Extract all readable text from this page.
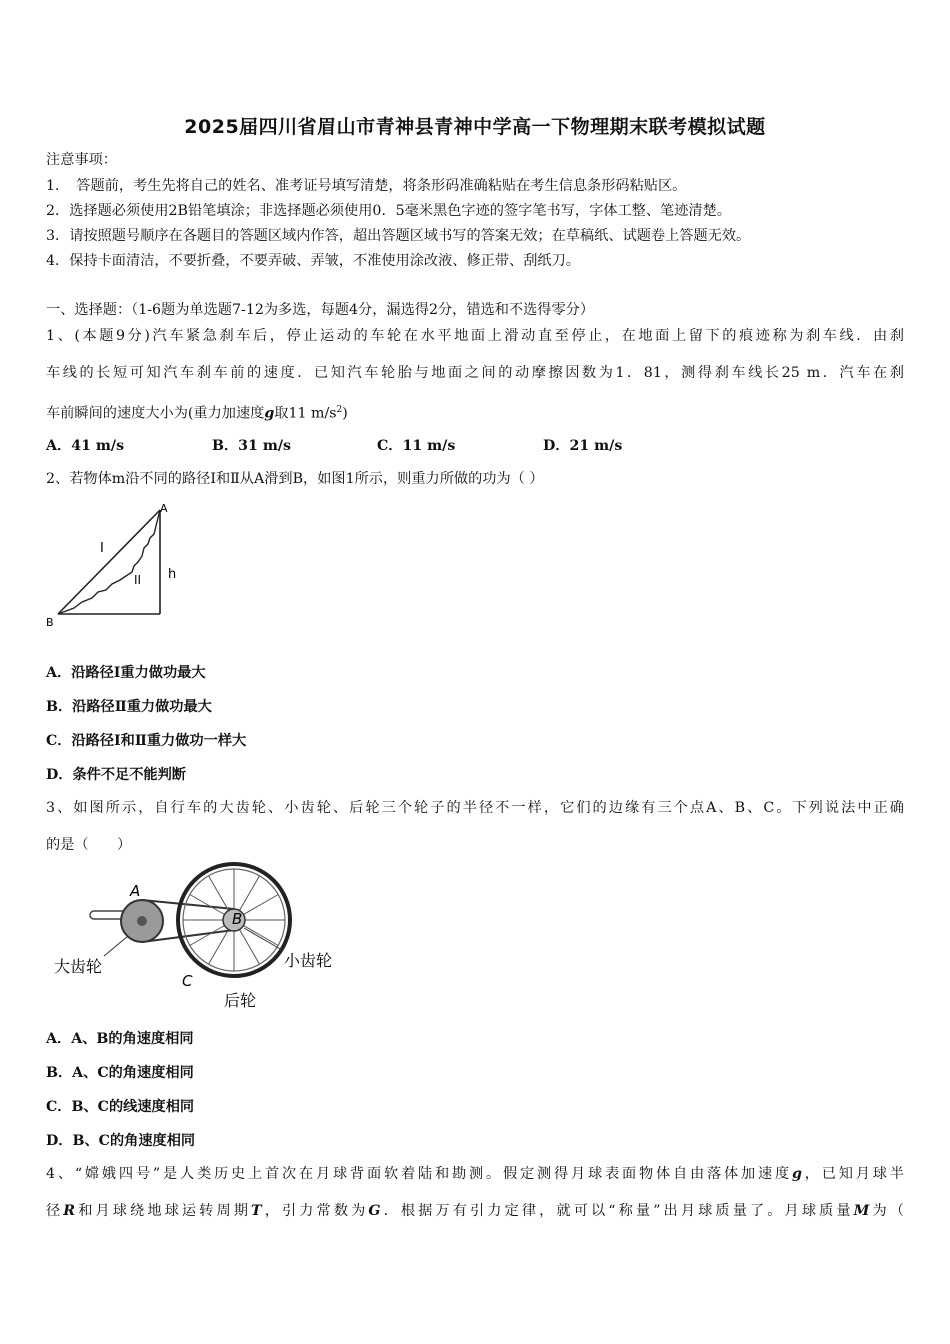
2025届四川省眉山市青神县青神中学高一下物理期末联考模拟试题
注意事项：
1．　答题前，考生先将自己的姓名、准考证号填写清楚，将条形码准确粘贴在考生信息条形码粘贴区。
2．选择题必须使用2B铅笔填涂；非选择题必须使用0．5毫米黑色字迹的签字笔书写，字体工整、笔迹清楚。
3．请按照题号顺序在各题目的答题区域内作答，超出答题区域书写的答案无效；在草稿纸、试题卷上答题无效。
4．保持卡面清洁，不要折叠，不要弄破、弄皱，不准使用涂改液、修正带、刮纸刀。
一、选择题：（1-6题为单选题7-12为多选，每题4分，漏选得2分，错选和不选得零分）
1、(本题9分)汽车紧急刹车后，停止运动的车轮在水平地面上滑动直至停止，在地面上留下的痕迹称为刹车线．由刹
车线的长短可知汽车刹车前的速度．已知汽车轮胎与地面之间的动摩擦因数为1．81，测得刹车线长25 m．汽车在刹
车前瞬间的速度大小为(重力加速度g取11 $m/s^2$)
A．41 m/s	B．31 m/s	C．11 m/s	D．21 m/s
2、若物体m沿不同的路径Ⅰ和Ⅱ从A滑到B，如图1所示，则重力所做的功为（ ）
A
B
I
II h
A．沿路径Ⅰ重力做功最大
B．沿路径Ⅱ重力做功最大
C．沿路径Ⅰ和Ⅱ重力做功一样大
D．条件不足不能判断
3、如图所示，自行车的大齿轮、小齿轮、后轮三个轮子的半径不一样，它们的边缘有三个点A、B、C。下列说法中正确
的是（　　）
A
B
C
大齿轮	小齿轮
后轮
A．A、B的角速度相同
B．A、C的角速度相同
C．B、C的线速度相同
D．B、C的角速度相同
4、“嫦娥四号”是人类历史上首次在月球背面软着陆和勘测。假定测得月球表面物体自由落体加速度g，已知月球半
径R和月球绕地球运转周期T，引力常数为G．根据万有引力定律，就可以“称量”出月球质量了。月球质量M为（
